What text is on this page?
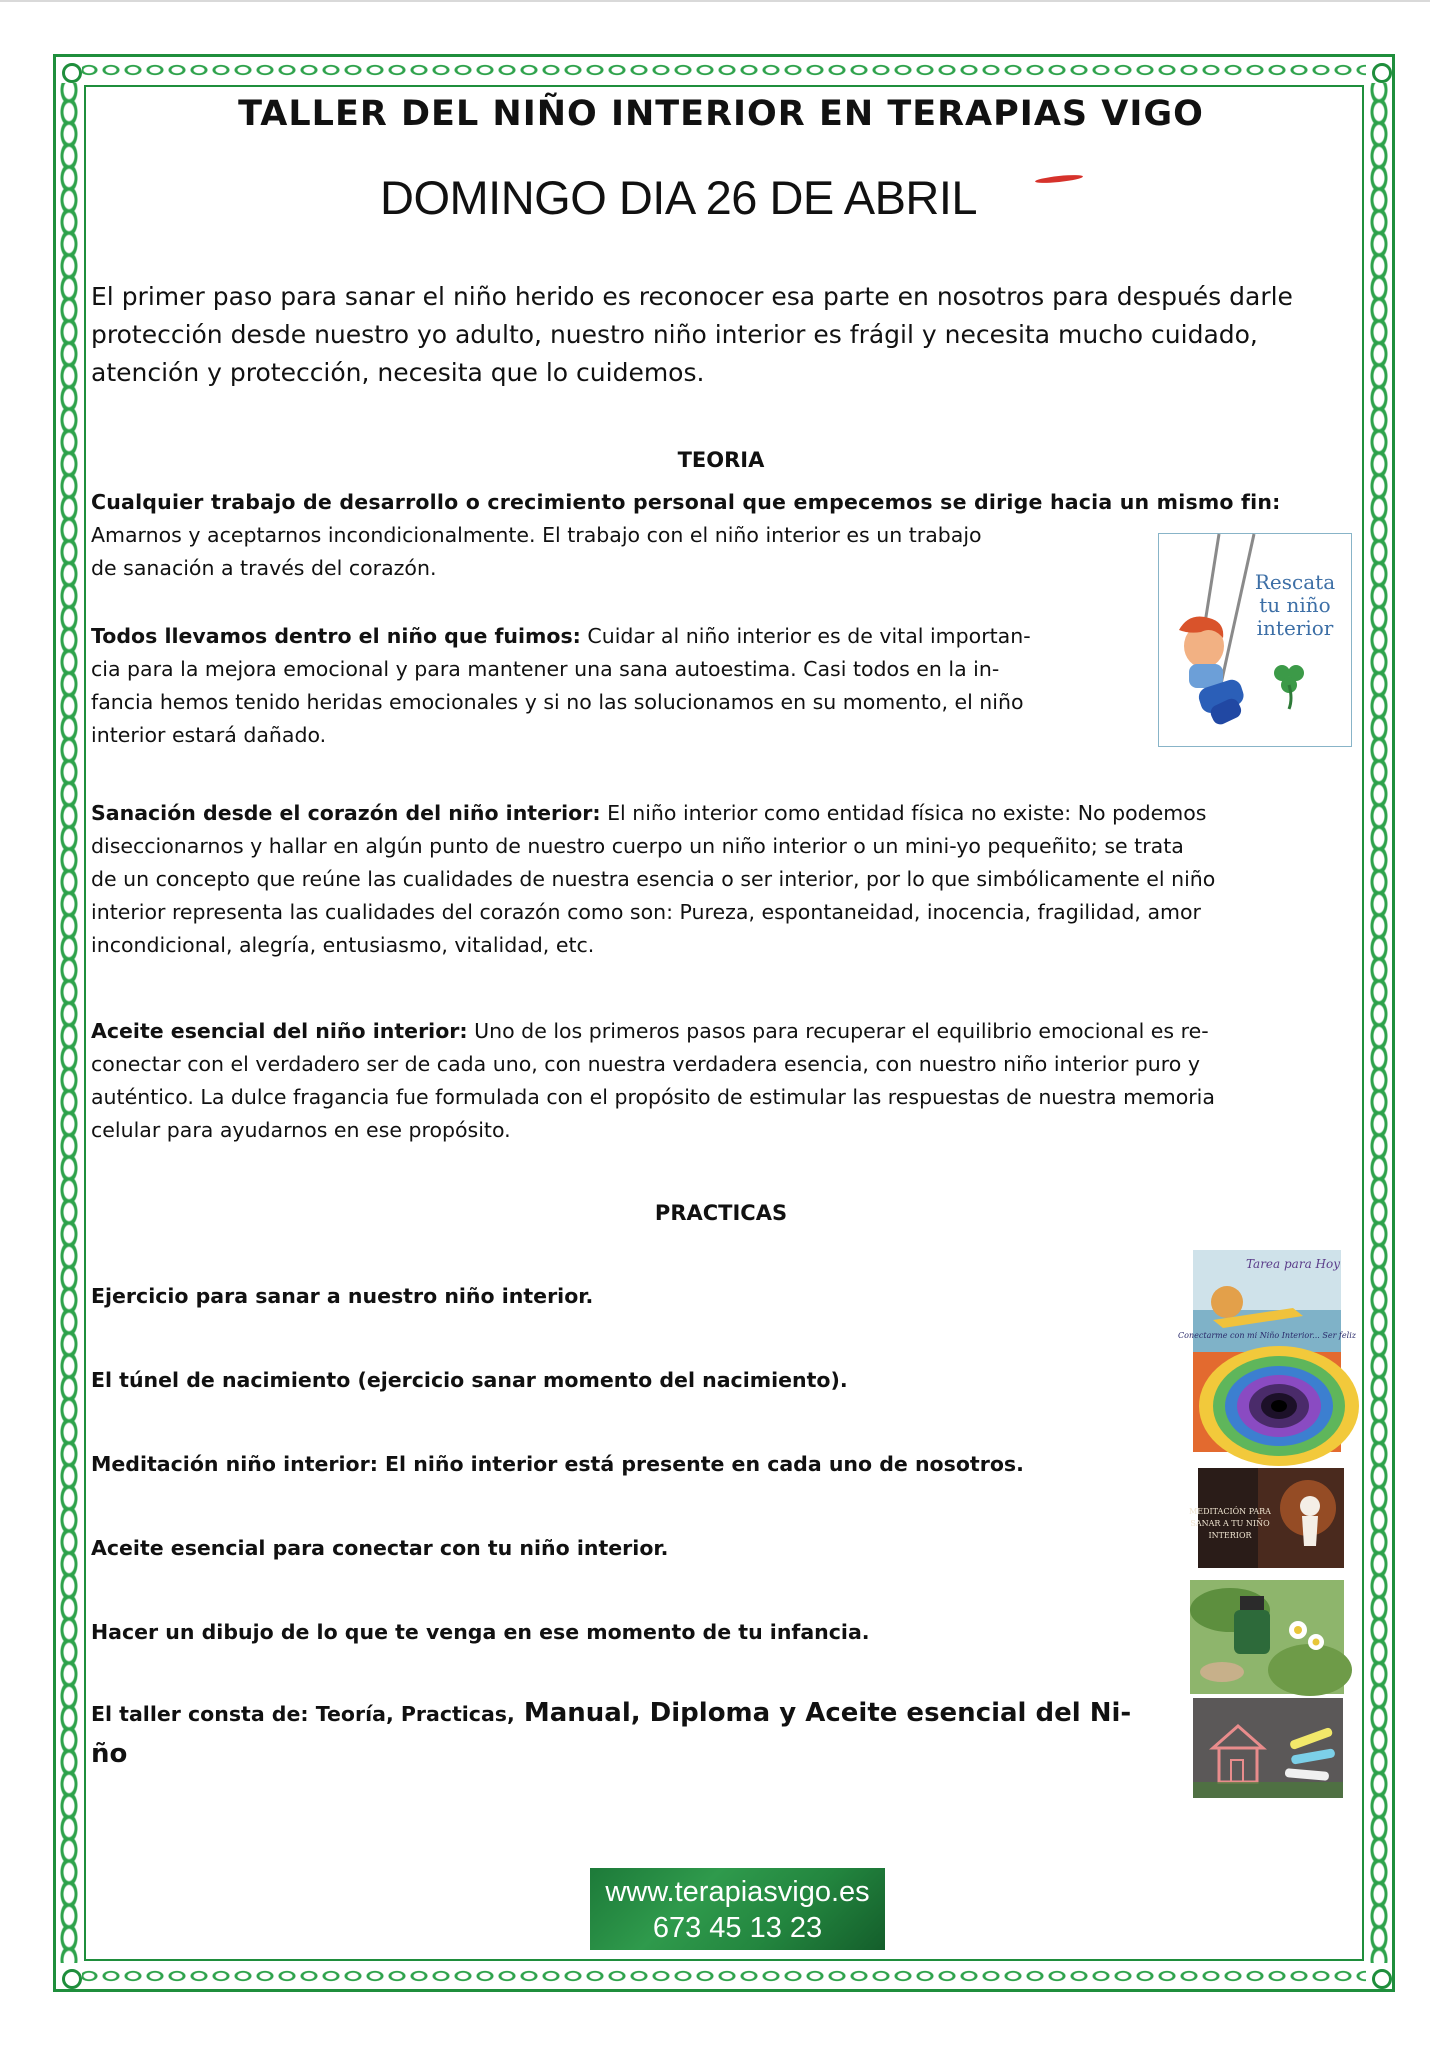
TALLER DEL NIÑO INTERIOR EN TERAPIAS VIGO
DOMINGO DIA 26 DE ABRIL

El primer paso para sanar el niño herido es reconocer esa parte en nosotros para después darle protección desde nuestro yo adulto, nuestro niño interior es frágil y necesita mucho cuidado, atención y protección, necesita que lo cuidemos.

TEORIA
Cualquier trabajo de desarrollo o crecimiento personal que empecemos se dirige hacia un mismo fin:
Amarnos y aceptarnos incondicionalmente. El trabajo con el niño interior es un trabajo
de sanación a través del corazón.
Todos llevamos dentro el niño que fuimos: Cuidar al niño interior es de vital importan-
cia para la mejora emocional y para mantener una sana autoestima. Casi todos en la in-
fancia hemos tenido heridas emocionales y si no las solucionamos en su momento, el niño
interior estará dañado.
Rescata
tu niño
interior
Sanación desde el corazón del niño interior: El niño interior como entidad física no existe: No podemos
diseccionarnos y hallar en algún punto de nuestro cuerpo un niño interior o un mini-yo pequeñito; se trata
de un concepto que reúne las cualidades de nuestra esencia o ser interior, por lo que simbólicamente el niño
interior representa las cualidades del corazón como son: Pureza, espontaneidad, inocencia, fragilidad, amor
incondicional, alegría, entusiasmo, vitalidad, etc.
Aceite esencial del niño interior: Uno de los primeros pasos para recuperar el equilibrio emocional es re-
conectar con el verdadero ser de cada uno, con nuestra verdadera esencia, con nuestro niño interior puro y
auténtico. La dulce fragancia fue formulada con el propósito de estimular las respuestas de nuestra memoria
celular para ayudarnos en ese propósito.
PRACTICAS
Ejercicio para sanar a nuestro niño interior.
El túnel de nacimiento (ejercicio sanar momento del nacimiento).
Meditación niño interior: El niño interior está presente en cada uno de nosotros.
Aceite esencial para conectar con tu niño interior.
Hacer un dibujo de lo que te venga en ese momento de tu infancia.
El taller consta de: Teoría, Practicas, Manual, Diploma y Aceite esencial del Ni-
ño
Tarea para Hoy
Conectarme con mi Niño Interior... Ser feliz
MEDITACIÓN PARA
SANAR A TU NIÑO
INTERIOR
www.terapiasvigo.es
673 45 13 23
